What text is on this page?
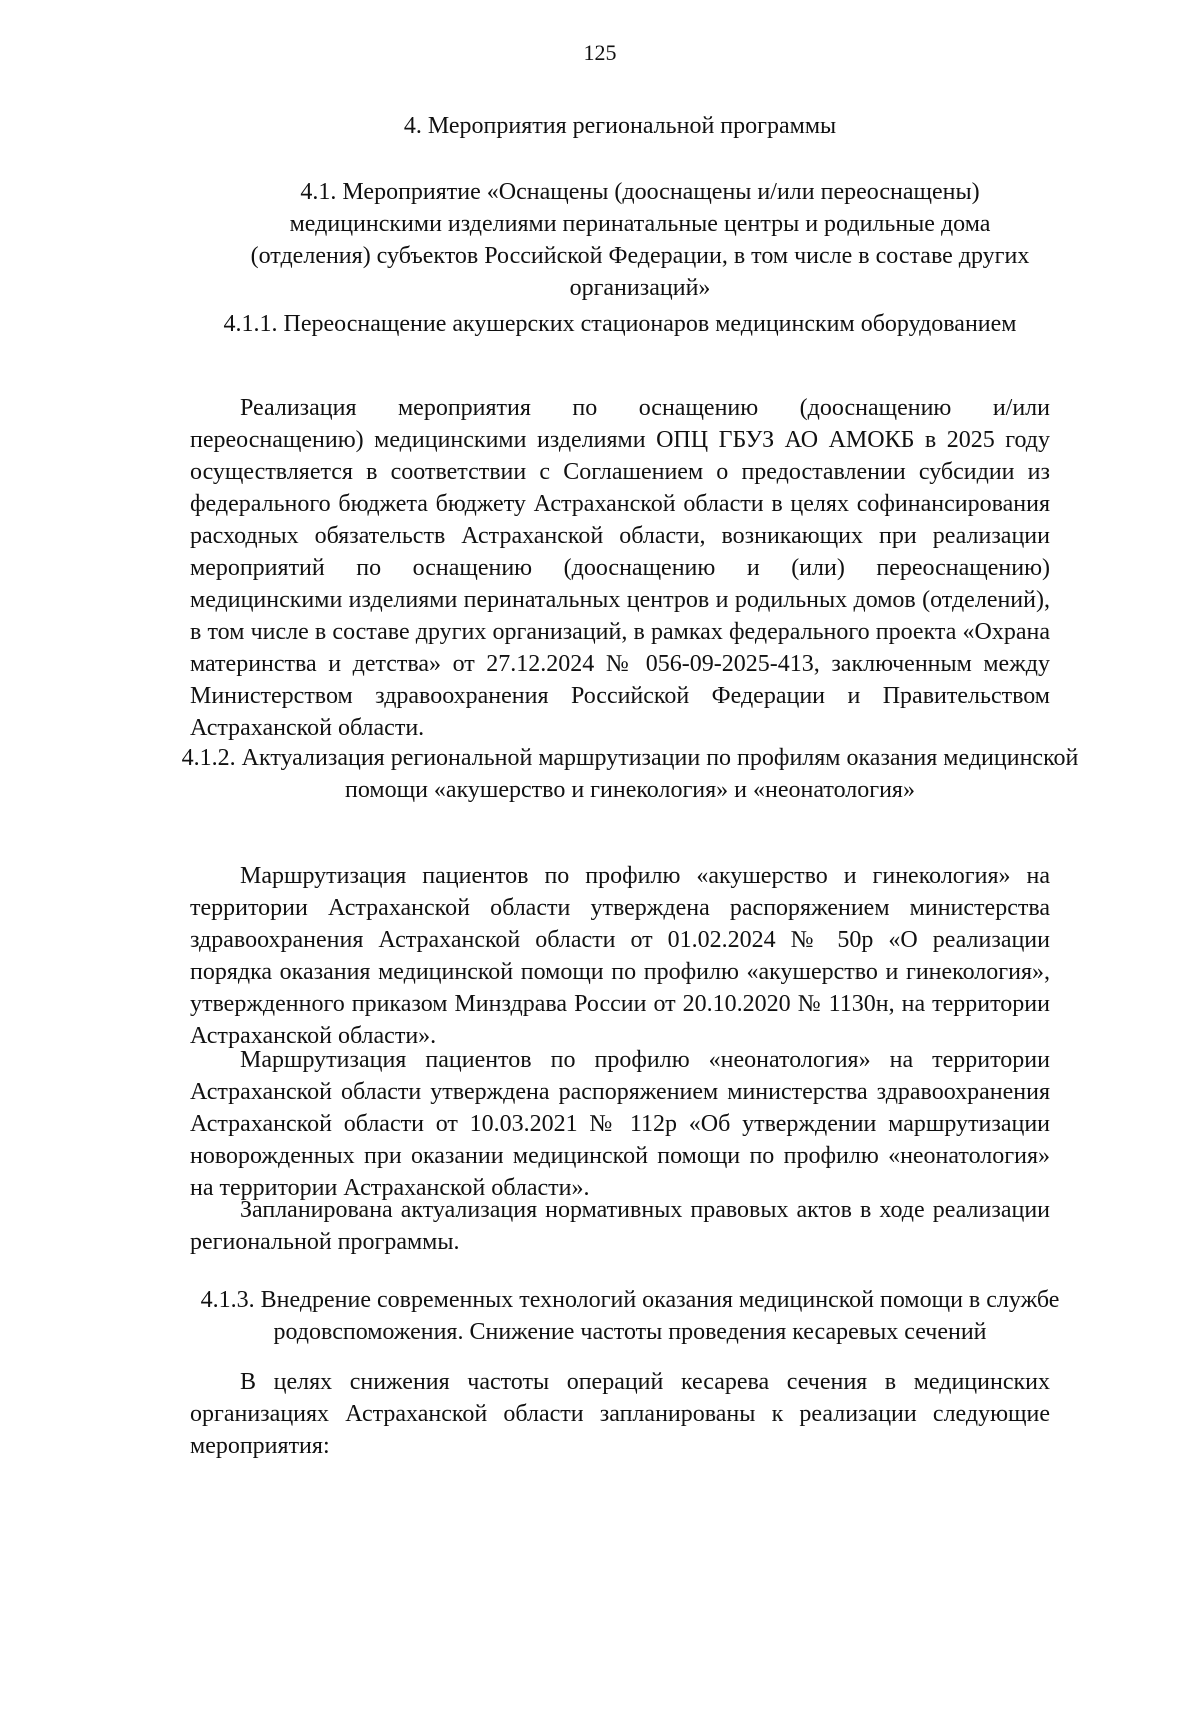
125

4. Мероприятия региональной программы
4.1. Мероприятие «Оснащены (дооснащены и/или переоснащены) медицинскими изделиями перинатальные центры и родильные дома (отделения) субъектов Российской Федерации, в том числе в составе других организаций»
4.1.1. Переоснащение акушерских стационаров медицинским оборудованием

Реализация мероприятия по оснащению (дооснащению и/или переоснащению) медицинскими изделиями ОПЦ ГБУЗ АО АМОКБ в 2025 году осуществляется в соответствии с Соглашением о предоставлении субсидии из федерального бюджета бюджету Астраханской области в целях софинансирования расходных обязательств Астраханской области, возникающих при реализации мероприятий по оснащению (дооснащению и (или) переоснащению) медицинскими изделиями перинатальных центров и родильных домов (отделений), в том числе в составе других организаций, в рамках федерального проекта «Охрана материнства и детства» от 27.12.2024 № 056-09-2025-413, заключенным между Министерством здравоохранения Российской Федерации и Правительством Астраханской области.

4.1.2. Актуализация региональной маршрутизации по профилям оказания медицинской помощи «акушерство и гинекология» и «неонатология»

Маршрутизация пациентов по профилю «акушерство и гинекология» на территории Астраханской области утверждена распоряжением министерства здравоохранения Астраханской области от 01.02.2024 № 50р «О реализации порядка оказания медицинской помощи по профилю «акушерство и гинекология», утвержденного приказом Минздрава России от 20.10.2020 № 1130н, на территории Астраханской области».

Маршрутизация пациентов по профилю «неонатология» на территории Астраханской области утверждена распоряжением министерства здравоохранения Астраханской области от 10.03.2021 № 112р «Об утверждении маршрутизации новорожденных при оказании медицинской помощи по профилю «неонатология» на территории Астраханской области».

Запланирована актуализация нормативных правовых актов в ходе реализации региональной программы.

4.1.3. Внедрение современных технологий оказания медицинской помощи в службе родовспоможения. Снижение частоты проведения кесаревых сечений

В целях снижения частоты операций кесарева сечения в медицинских организациях Астраханской области запланированы к реализации следующие мероприятия:
